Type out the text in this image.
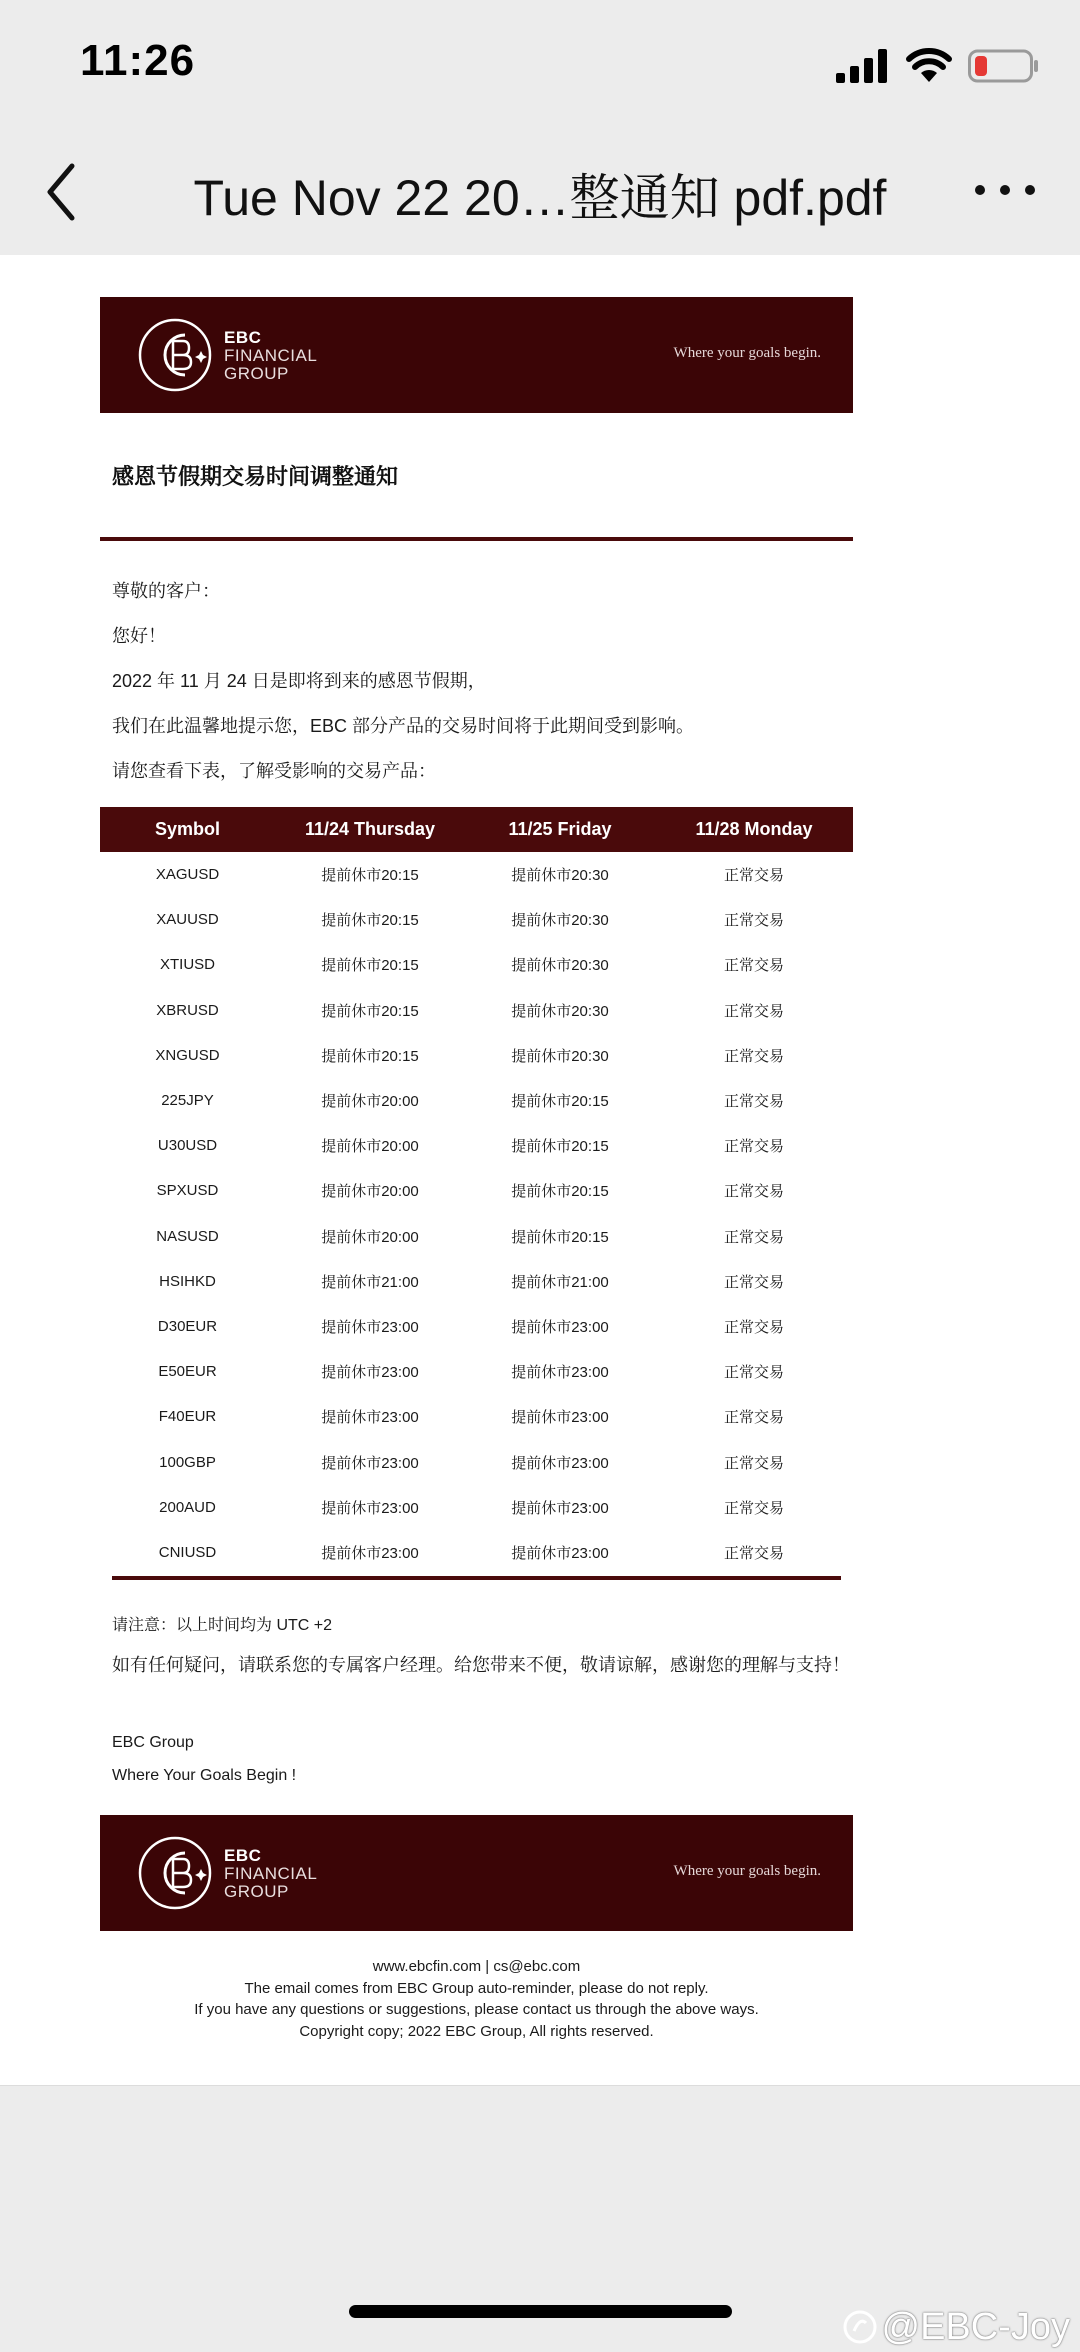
11:26
Tue Nov 22 20…整通知 pdf.pdf
EBC
FINANCIAL
GROUP
Where your goals begin.
感恩节假期交易时间调整通知
尊敬的客户：
您好！
2022 年 11 月 24 日是即将到来的感恩节假期，
我们在此温馨地提示您，EBC 部分产品的交易时间将于此期间受到影响。
请您查看下表，了解受影响的交易产品：
Symbol	11/24 Thursday	11/25 Friday	11/28 Monday
XAGUSD	提前休市20:15	提前休市20:30	正常交易
XAUUSD	提前休市20:15	提前休市20:30	正常交易
XTIUSD	提前休市20:15	提前休市20:30	正常交易
XBRUSD	提前休市20:15	提前休市20:30	正常交易
XNGUSD	提前休市20:15	提前休市20:30	正常交易
225JPY	提前休市20:00	提前休市20:15	正常交易
U30USD	提前休市20:00	提前休市20:15	正常交易
SPXUSD	提前休市20:00	提前休市20:15	正常交易
NASUSD	提前休市20:00	提前休市20:15	正常交易
HSIHKD	提前休市21:00	提前休市21:00	正常交易
D30EUR	提前休市23:00	提前休市23:00	正常交易
E50EUR	提前休市23:00	提前休市23:00	正常交易
F40EUR	提前休市23:00	提前休市23:00	正常交易
100GBP	提前休市23:00	提前休市23:00	正常交易
200AUD	提前休市23:00	提前休市23:00	正常交易
CNIUSD	提前休市23:00	提前休市23:00	正常交易
请注意：以上时间均为 UTC +2
如有任何疑问，请联系您的专属客户经理。给您带来不便，敬请谅解，感谢您的理解与支持！
EBC Group
Where Your Goals Begin !
EBC
FINANCIAL
GROUP
Where your goals begin.
www.ebcfin.com | cs@ebc.com
The email comes from EBC Group auto-reminder, please do not reply.
If you have any questions or suggestions, please contact us through the above ways.
Copyright copy; 2022 EBC Group, All rights reserved.
@EBC-Joy
